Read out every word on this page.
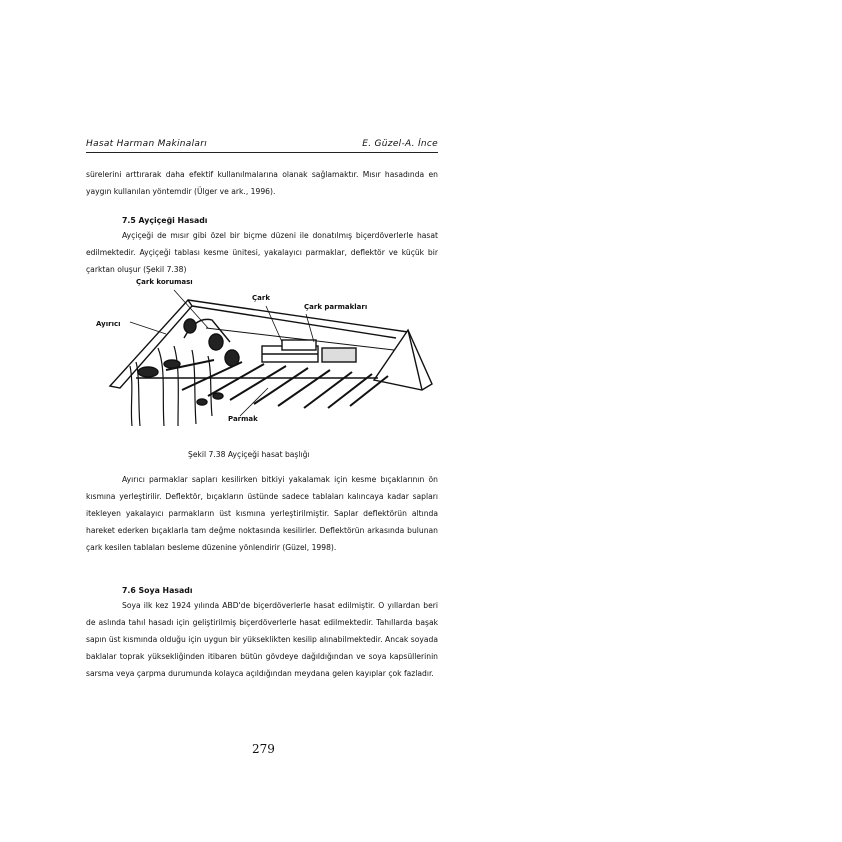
Hasat Harman Makinaları	E. Güzel-A. İnce

sürelerini arttırarak daha efektif kullanılmalarına olanak sağlamaktır. Mısır hasadında en yaygın kullanılan yöntemdir (Ülger ve ark., 1996).

7.5 Ayçiçeği Hasadı

Ayçiçeği de mısır gibi özel bir biçme düzeni ile donatılmış biçerdöverlerle hasat edilmektedir. Ayçiçeği tablası kesme ünitesi, yakalayıcı parmaklar, deflektör ve küçük bir çarktan oluşur (Şekil 7.38)

Çark koruması
Çark
Çark parmakları
Ayırıcı
Parmak

Şekil 7.38 Ayçiçeği hasat başlığı

Ayırıcı parmaklar sapları kesilirken bitkiyi yakalamak için kesme bıçaklarının ön kısmına yerleştirilir. Deflektör, bıçakların üstünde sadece tablaları kalıncaya kadar sapları itekleyen yakalayıcı parmakların üst kısmına yerleştirilmiştir. Saplar deflektörün altında hareket ederken bıçaklarla tam değme noktasında kesilirler. Deflektörün arkasında bulunan çark kesilen tablaları besleme düzenine yönlendirir (Güzel, 1998).

7.6 Soya Hasadı

Soya ilk kez 1924 yılında ABD'de biçerdöverlerle hasat edilmiştir. O yıllardan beri de aslında tahıl hasadı için geliştirilmiş biçerdöverlerle hasat edilmektedir. Tahıllarda başak sapın üst kısmında olduğu için uygun bir yükseklikten kesilip alınabilmektedir. Ancak soyada baklalar toprak yüksekliğinden itibaren bütün gövdeye dağıldığından ve soya kapsüllerinin sarsma veya çarpma durumunda kolayca açıldığından meydana gelen kayıplar çok fazladır.

279
